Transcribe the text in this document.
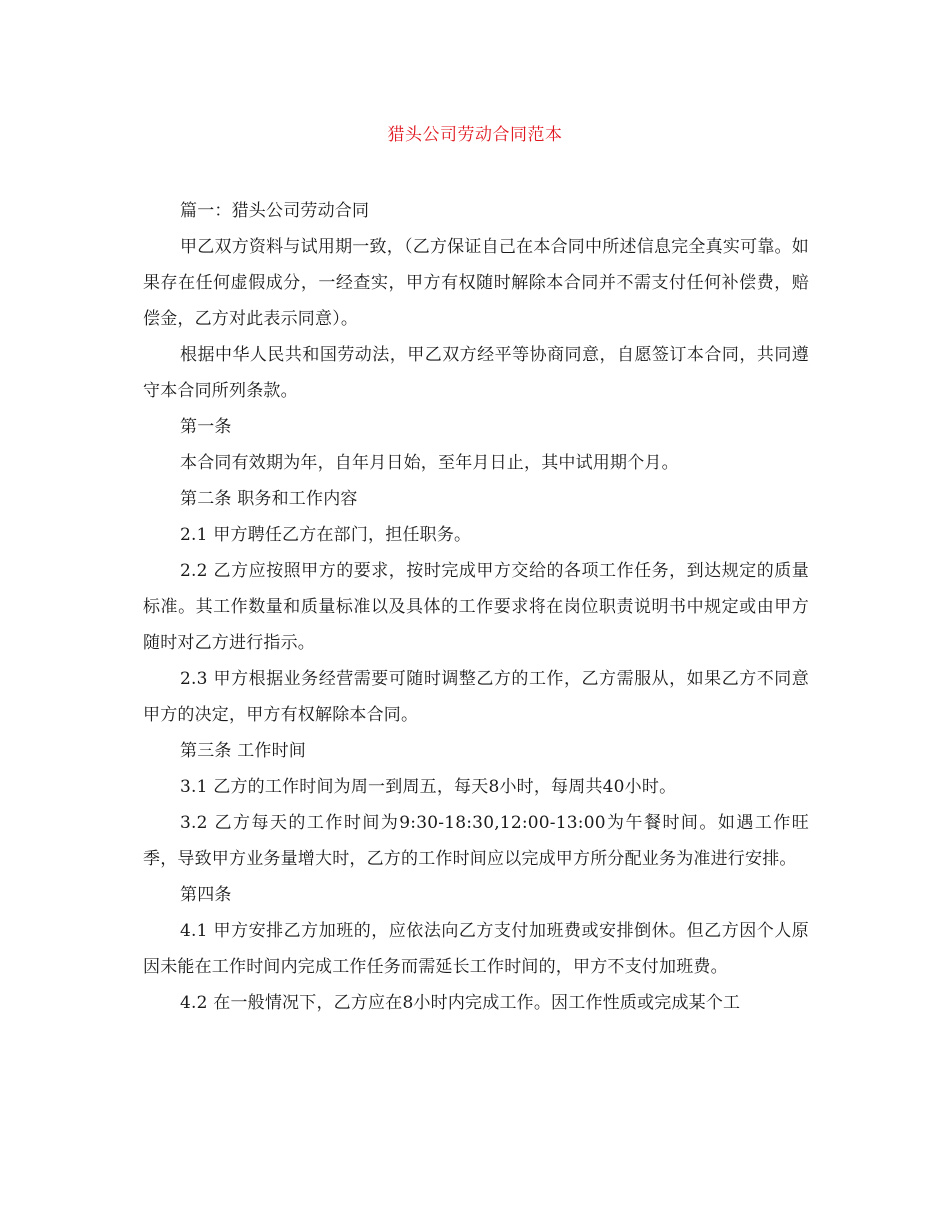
猎头公司劳动合同范本

篇一：猎头公司劳动合同

甲乙双方资料与试用期一致，（乙方保证自己在本合同中所述信息完全真实可靠。如果存在任何虚假成分，一经查实，甲方有权随时解除本合同并不需支付任何补偿费，赔偿金，乙方对此表示同意）。

根据中华人民共和国劳动法，甲乙双方经平等协商同意，自愿签订本合同，共同遵守本合同所列条款。

第一条

本合同有效期为年，自年月日始，至年月日止，其中试用期个月。

第二条 职务和工作内容

2.1 甲方聘任乙方在部门，担任职务。

2.2 乙方应按照甲方的要求，按时完成甲方交给的各项工作任务，到达规定的质量标准。其工作数量和质量标准以及具体的工作要求将在岗位职责说明书中规定或由甲方随时对乙方进行指示。

2.3 甲方根据业务经营需要可随时调整乙方的工作，乙方需服从，如果乙方不同意甲方的决定，甲方有权解除本合同。

第三条 工作时间

3.1 乙方的工作时间为周一到周五，每天8小时，每周共40小时。

3.2 乙方每天的工作时间为9:30-18:30,12:00-13:00为午餐时间。如遇工作旺季，导致甲方业务量增大时，乙方的工作时间应以完成甲方所分配业务为准进行安排。

第四条

4.1 甲方安排乙方加班的，应依法向乙方支付加班费或安排倒休。但乙方因个人原因未能在工作时间内完成工作任务而需延长工作时间的，甲方不支付加班费。

4.2 在一般情况下，乙方应在8小时内完成工作。因工作性质或完成某个工
